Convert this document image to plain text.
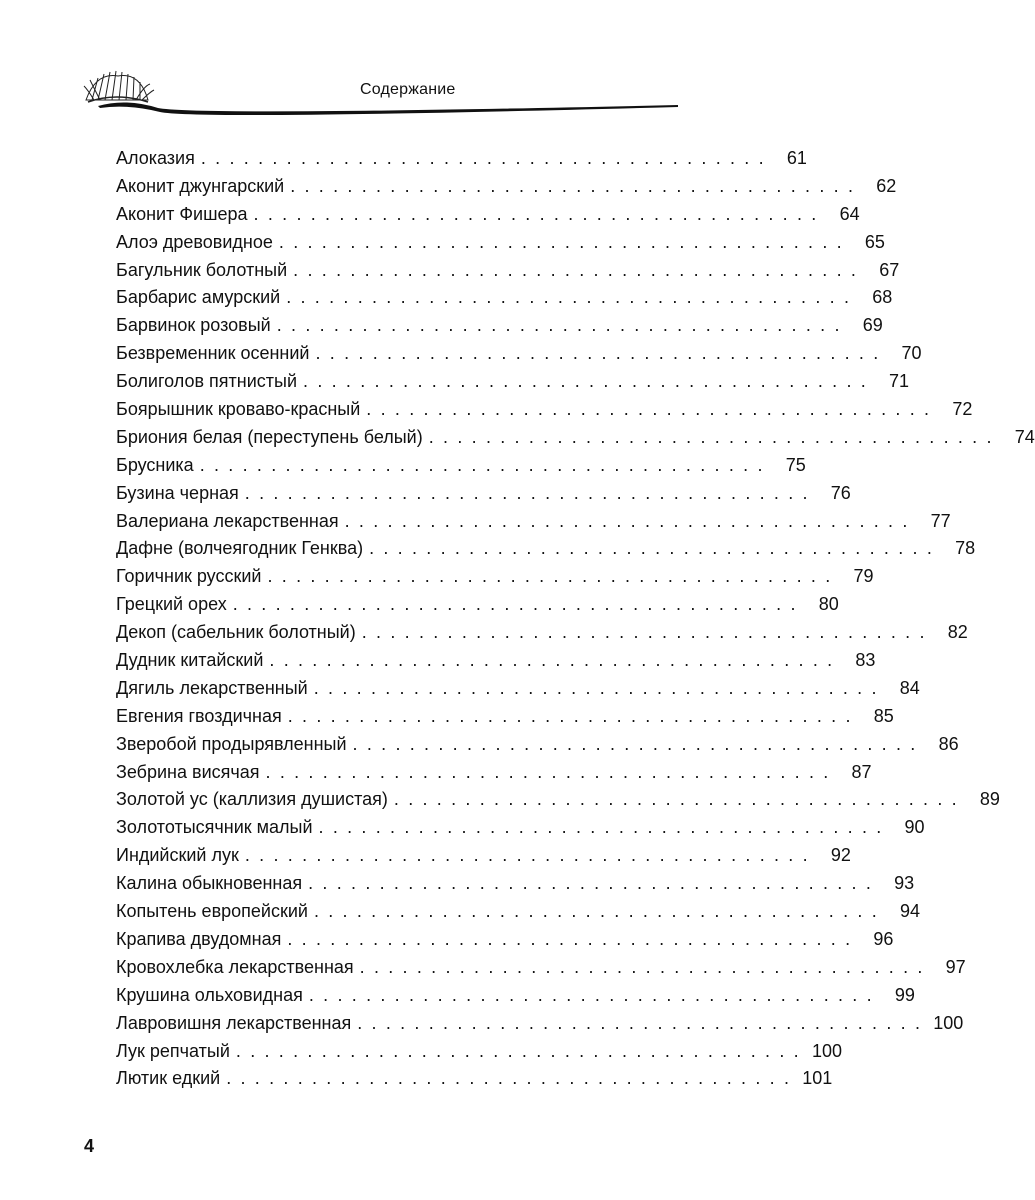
Содержание
Алоказия ........................................ 61
Аконит джунгарский ........................................ 62
Аконит Фишера ........................................ 64
Алоэ древовидное ........................................ 65
Багульник болотный ........................................ 67
Барбарис амурский ........................................ 68
Барвинок розовый ........................................ 69
Безвременник осенний ........................................ 70
Болиголов пятнистый ........................................ 71
Боярышник кроваво-красный ........................................ 72
Бриония белая (переступень белый) ........................................ 74
Брусника ........................................ 75
Бузина черная ........................................ 76
Валериана лекарственная ........................................ 77
Дафне (волчеягодник Генква) ........................................ 78
Горичник русский ........................................ 79
Грецкий орех ........................................ 80
Декоп (сабельник болотный) ........................................ 82
Дудник китайский ........................................ 83
Дягиль лекарственный ........................................ 84
Евгения гвоздичная ........................................ 85
Зверобой продырявленный ........................................ 86
Зебрина висячая ........................................ 87
Золотой ус (каллизия душистая) ........................................ 89
Золототысячник малый ........................................ 90
Индийский лук ........................................ 92
Калина обыкновенная ........................................ 93
Копытень европейский ........................................ 94
Крапива двудомная ........................................ 96
Кровохлебка лекарственная ........................................ 97
Крушина ольховидная ........................................ 99
Лавровишня лекарственная ........................................ 100
Лук репчатый ........................................ 100
Лютик едкий ........................................ 101
4
